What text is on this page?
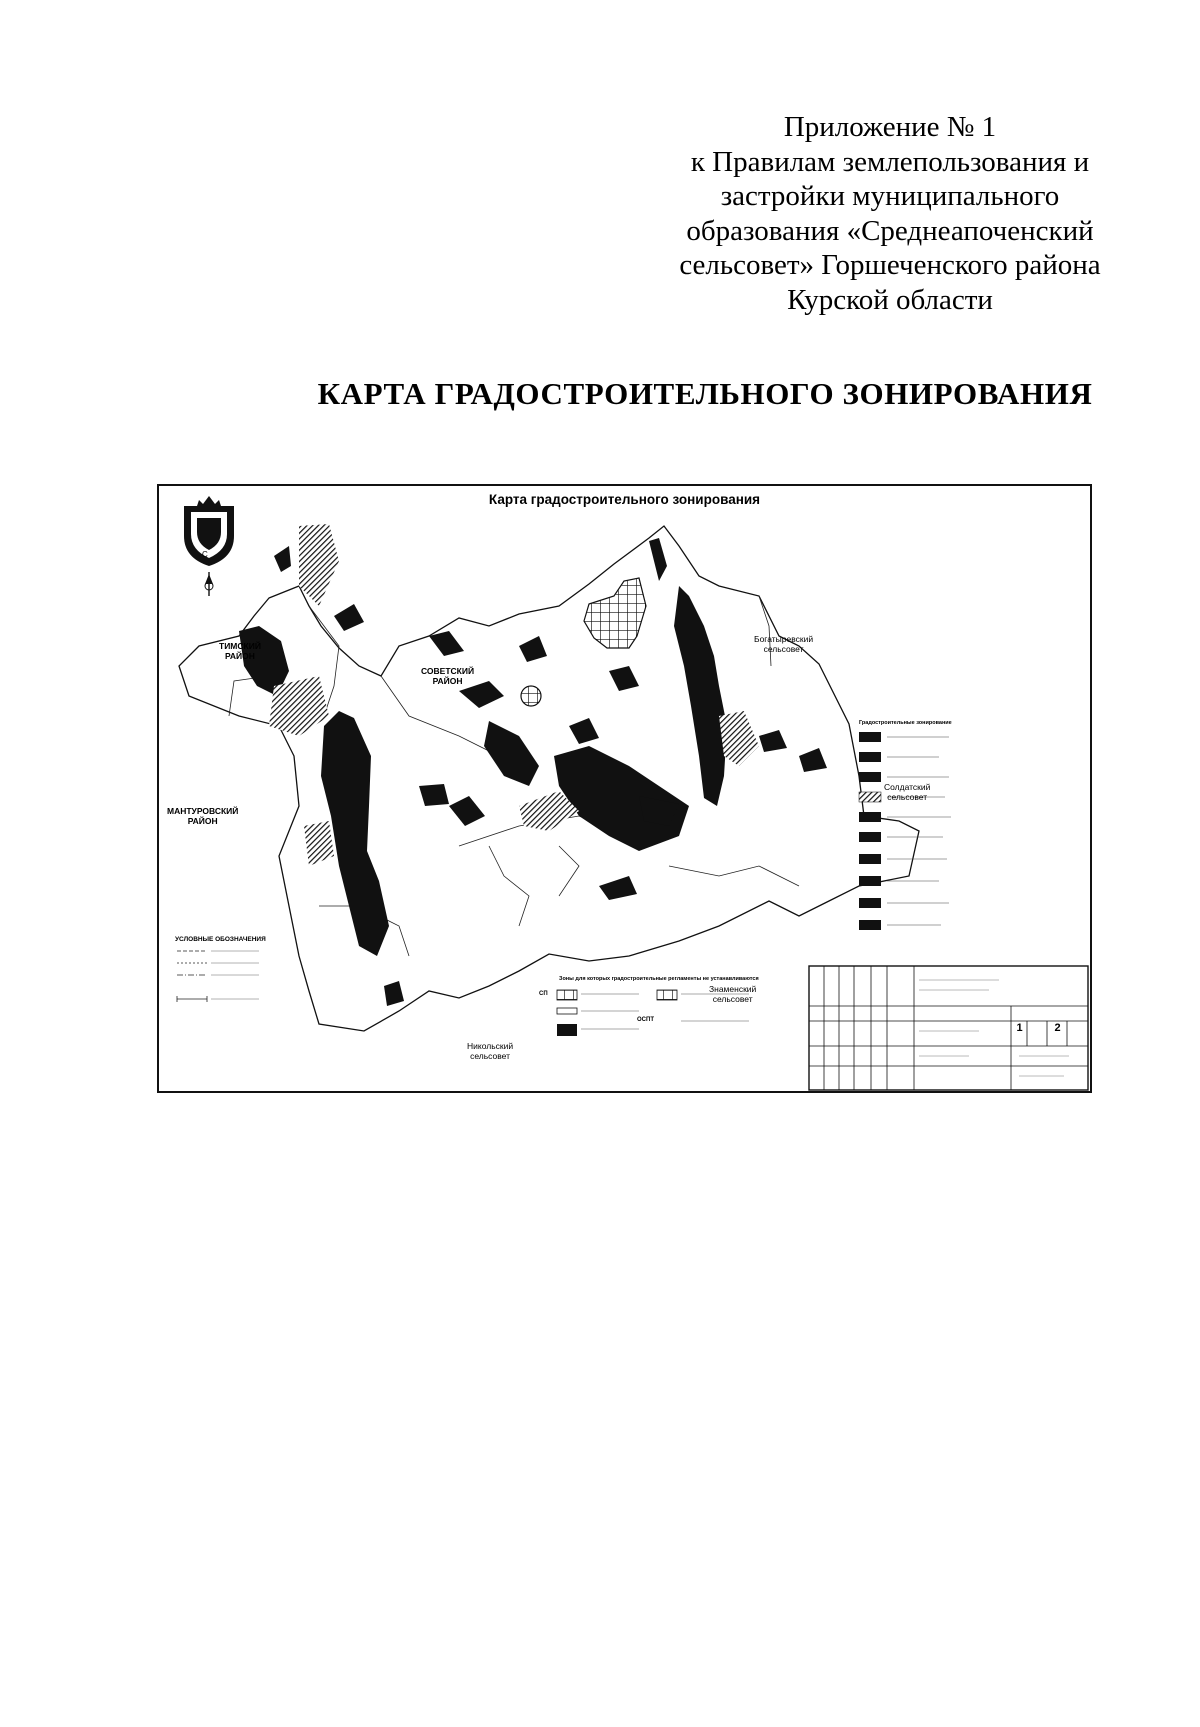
Приложение № 1
к Правилам землепользования и
застройки муниципального
образования «Среднеапоченский
сельсовет» Горшеченского района
Курской области
КАРТА ГРАДОСТРОИТЕЛЬНОГО ЗОНИРОВАНИЯ
Карта градостроительного зонирования
С
ТИМСКИЙ
РАЙОН
СОВЕТСКИЙ
РАЙОН
МАНТУРОВСКИЙ
РАЙОН
Богатыревский
сельсовет
Солдатский
сельсовет
Знаменский
сельсовет
Никольский
сельсовет
УСЛОВНЫЕ ОБОЗНАЧЕНИЯ
Зоны для которых градостроительные регламенты не устанавливаются
СП
ОСПТ
Градостроительные зонирование
1	2
